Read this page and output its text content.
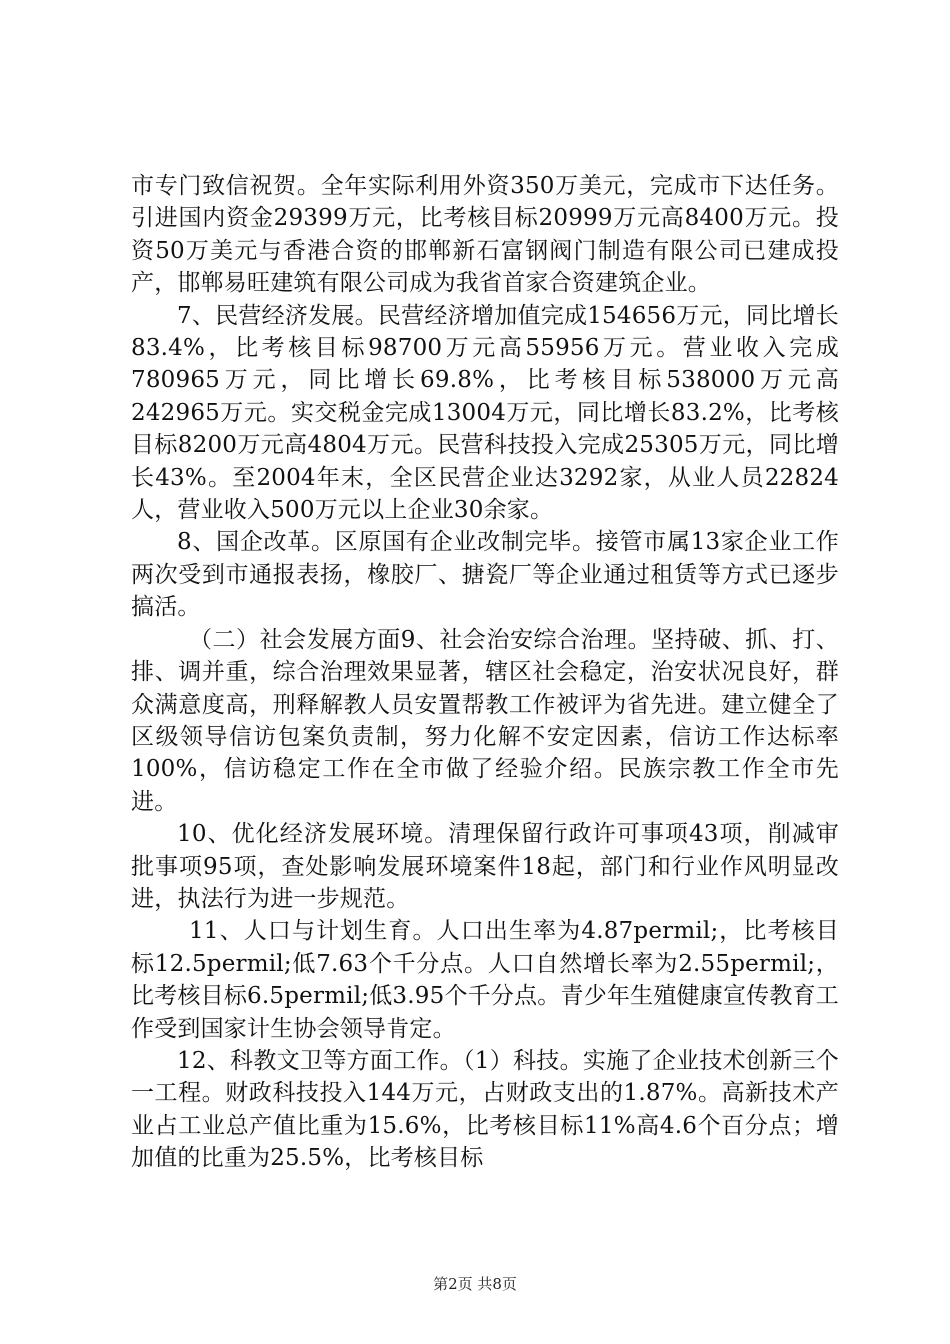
市专门致信祝贺。全年实际利用外资350万美元，完成市下达任务。引进国内资金29399万元，比考核目标20999万元高8400万元。投资50万美元与香港合资的邯郸新石富钢阀门制造有限公司已建成投产，邯郸易旺建筑有限公司成为我省首家合资建筑企业。

7、民营经济发展。民营经济增加值完成154656万元，同比增长83.4%，比考核目标98700万元高55956万元。营业收入完成780965万元，同比增长69.8%，比考核目标538000万元高242965万元。实交税金完成13004万元，同比增长83.2%，比考核目标8200万元高4804万元。民营科技投入完成25305万元，同比增长43%。至2004年末，全区民营企业达3292家，从业人员22824人，营业收入500万元以上企业30余家。

8、国企改革。区原国有企业改制完毕。接管市属13家企业工作两次受到市通报表扬，橡胶厂、搪瓷厂等企业通过租赁等方式已逐步搞活。

（二）社会发展方面9、社会治安综合治理。坚持破、抓、打、排、调并重，综合治理效果显著，辖区社会稳定，治安状况良好，群众满意度高，刑释解教人员安置帮教工作被评为省先进。建立健全了区级领导信访包案负责制，努力化解不安定因素，信访工作达标率100%，信访稳定工作在全市做了经验介绍。民族宗教工作全市先进。

10、优化经济发展环境。清理保留行政许可事项43项，削减审批事项95项，查处影响发展环境案件18起，部门和行业作风明显改进，执法行为进一步规范。

11、人口与计划生育。人口出生率为4.87permil;，比考核目标12.5permil;低7.63个千分点。人口自然增长率为2.55permil;，比考核目标6.5permil;低3.95个千分点。青少年生殖健康宣传教育工作受到国家计生协会领导肯定。

12、科教文卫等方面工作。（1）科技。实施了企业技术创新三个一工程。财政科技投入144万元，占财政支出的1.87%。高新技术产业占工业总产值比重为15.6%，比考核目标11%高4.6个百分点；增加值的比重为25.5%，比考核目标

第2页 共8页
